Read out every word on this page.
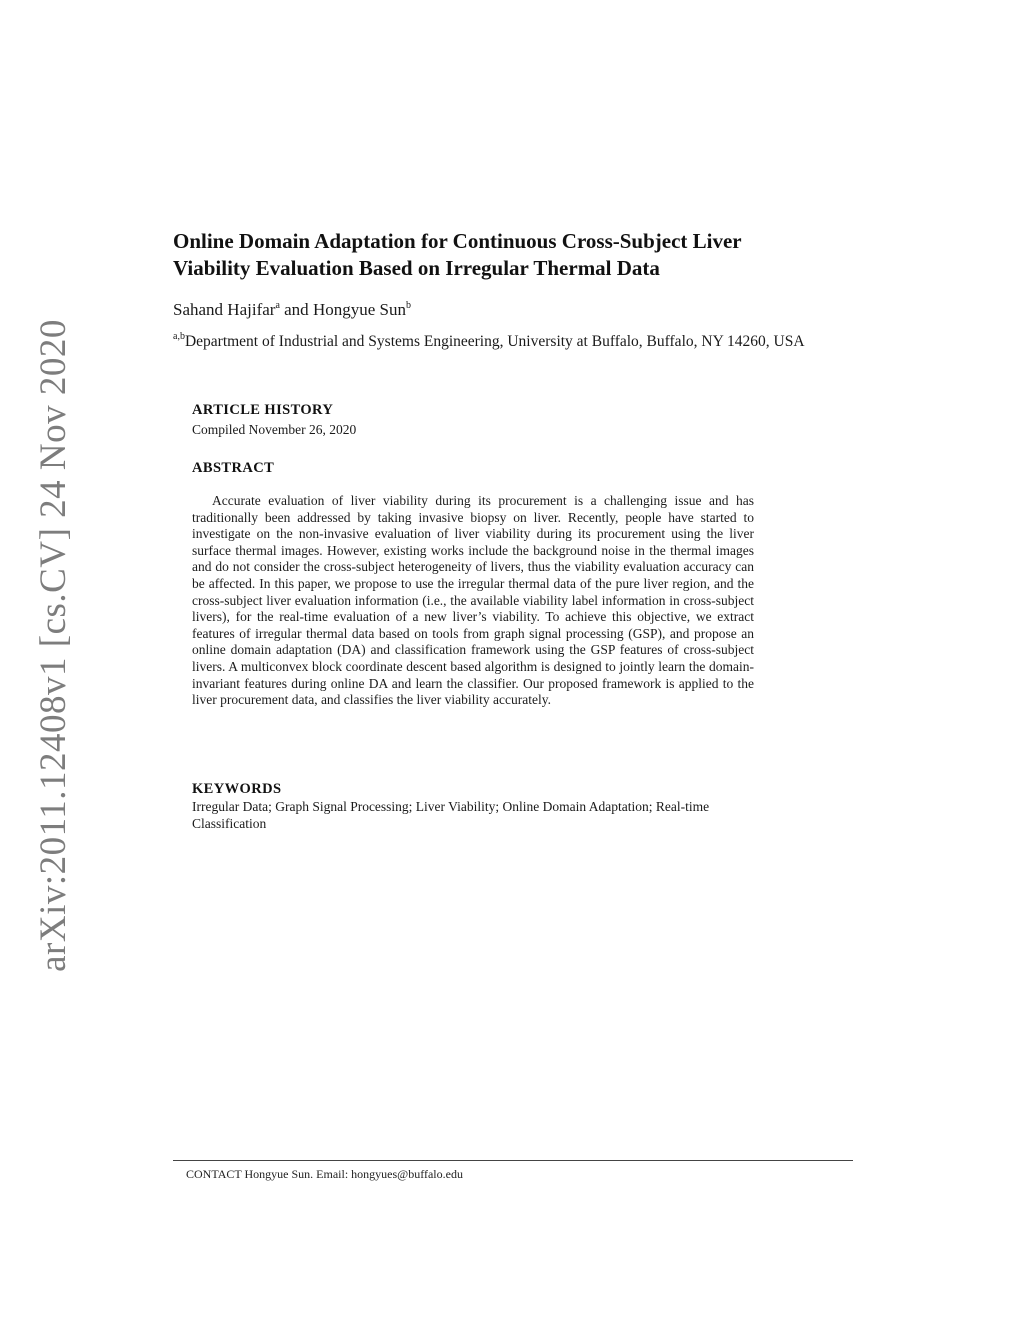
arXiv:2011.12408v1 [cs.CV] 24 Nov 2020
Online Domain Adaptation for Continuous Cross-Subject Liver Viability Evaluation Based on Irregular Thermal Data
Sahand Hajifar$^a$ and Hongyue Sun$^b$
$^{a,b}$Department of Industrial and Systems Engineering, University at Buffalo, Buffalo, NY 14260, USA
ARTICLE HISTORY
Compiled November 26, 2020
ABSTRACT

Accurate evaluation of liver viability during its procurement is a challenging issue and has traditionally been addressed by taking invasive biopsy on liver. Recently, people have started to investigate on the non-invasive evaluation of liver viability during its procurement using the liver surface thermal images. However, existing works include the background noise in the thermal images and do not consider the cross-subject heterogeneity of livers, thus the viability evaluation accuracy can be affected. In this paper, we propose to use the irregular thermal data of the pure liver region, and the cross-subject liver evaluation information (i.e., the available viability label information in cross-subject livers), for the real-time evaluation of a new liver’s viability. To achieve this objective, we extract features of irregular thermal data based on tools from graph signal processing (GSP), and propose an online domain adaptation (DA) and classification framework using the GSP features of cross-subject livers. A multiconvex block coordinate descent based algorithm is designed to jointly learn the domain-invariant features during online DA and learn the classifier. Our proposed framework is applied to the liver procurement data, and classifies the liver viability accurately.

KEYWORDS
Irregular Data; Graph Signal Processing; Liver Viability; Online Domain Adaptation; Real-time Classification
CONTACT Hongyue Sun. Email: hongyues@buffalo.edu
